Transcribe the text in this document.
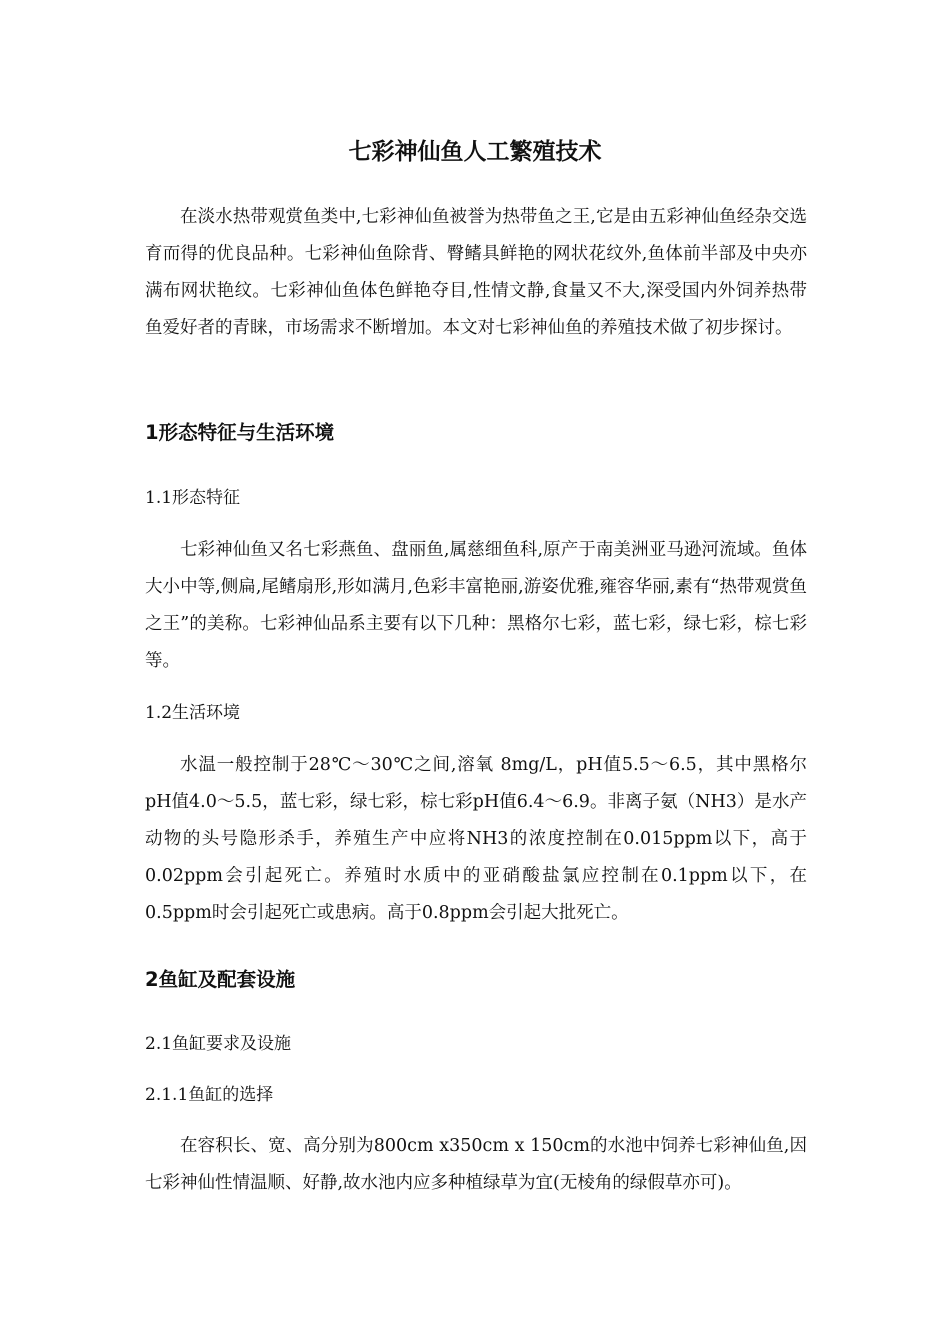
七彩神仙鱼人工繁殖技术

在淡水热带观赏鱼类中,七彩神仙鱼被誉为热带鱼之王,它是由五彩神仙鱼经杂交选育而得的优良品种。七彩神仙鱼除背、臀鳍具鲜艳的网状花纹外,鱼体前半部及中央亦满布网状艳纹。七彩神仙鱼体色鲜艳夺目,性情文静,食量又不大,深受国内外饲养热带鱼爱好者的青睐，市场需求不断增加。本文对七彩神仙鱼的养殖技术做了初步探讨。

1形态特征与生活环境
1.1形态特征

七彩神仙鱼又名七彩燕鱼、盘丽鱼,属慈细鱼科,原产于南美洲亚马逊河流域。鱼体大小中等,侧扁,尾鳍扇形,形如满月,色彩丰富艳丽,游姿优雅,雍容华丽,素有“热带观赏鱼之王”的美称。七彩神仙品系主要有以下几种：黑格尔七彩，蓝七彩，绿七彩，棕七彩等。

1.2生活环境

水温一般控制于28℃～30℃之间,溶氧 8mg/L，pH值5.5～6.5，其中黑格尔pH值4.0～5.5，蓝七彩，绿七彩，棕七彩pH值6.4～6.9。非离子氨（NH3）是水产动物的头号隐形杀手，养殖生产中应将NH3的浓度控制在0.015ppm以下，高于0.02ppm会引起死亡。养殖时水质中的亚硝酸盐氯应控制在0.1ppm以下，在0.5ppm时会引起死亡或患病。高于0.8ppm会引起大批死亡。

2鱼缸及配套设施
2.1鱼缸要求及设施
2.1.1鱼缸的选择

在容积长、宽、高分别为800cm x350cm x 150cm的水池中饲养七彩神仙鱼,因七彩神仙性情温顺、好静,故水池内应多种植绿草为宜(无棱角的绿假草亦可)。
